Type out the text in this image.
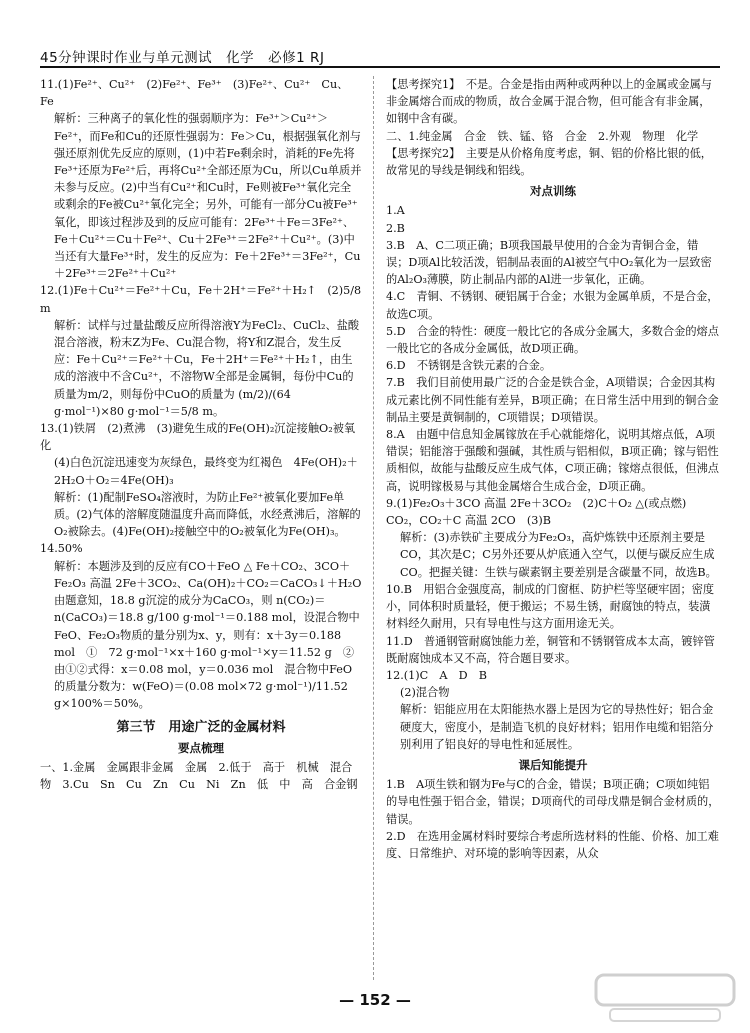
45分钟课时作业与单元测试　化学　必修1 RJ

11.(1)Fe²⁺、Cu²⁺　(2)Fe²⁺、Fe³⁺　(3)Fe²⁺、Cu²⁺　Cu、Fe

解析：三种离子的氧化性的强弱顺序为：Fe³⁺＞Cu²⁺＞Fe²⁺，而Fe和Cu的还原性强弱为：Fe＞Cu，根据强氧化剂与强还原剂优先反应的原则，(1)中若Fe剩余时，消耗的Fe先将Fe³⁺还原为Fe²⁺后，再将Cu²⁺全部还原为Cu，所以Cu单质并未参与反应。(2)中当有Cu²⁺和Cu时，Fe则被Fe³⁺氧化完全或剩余的Fe被Cu²⁺氧化完全；另外，可能有一部分Cu被Fe³⁺氧化，即该过程涉及到的反应可能有：2Fe³⁺＋Fe＝3Fe²⁺、Fe＋Cu²⁺＝Cu＋Fe²⁺、Cu＋2Fe³⁺＝2Fe²⁺＋Cu²⁺。(3)中当还有大量Fe³⁺时，发生的反应为：Fe＋2Fe³⁺＝3Fe²⁺，Cu＋2Fe³⁺＝2Fe²⁺＋Cu²⁺

12.(1)Fe＋Cu²⁺＝Fe²⁺＋Cu，Fe＋2H⁺＝Fe²⁺＋H₂↑　(2)5/8 m

解析：试样与过量盐酸反应所得溶液Y为FeCl₂、CuCl₂、盐酸混合溶液，粉末Z为Fe、Cu混合物，将Y和Z混合，发生反应：Fe＋Cu²⁺＝Fe²⁺＋Cu，Fe＋2H⁺＝Fe²⁺＋H₂↑，由生成的溶液中不含Cu²⁺，不溶物W全部是金属铜，每份中Cu的质量为m/2，则每份中CuO的质量为 (m/2)/(64 g·mol⁻¹)×80 g·mol⁻¹＝5/8 m。

13.(1)铁屑　(2)煮沸　(3)避免生成的Fe(OH)₂沉淀接触O₂被氧化

(4)白色沉淀迅速变为灰绿色，最终变为红褐色　4Fe(OH)₂＋2H₂O＋O₂＝4Fe(OH)₃

解析：(1)配制FeSO₄溶液时，为防止Fe²⁺被氧化要加Fe单质。(2)气体的溶解度随温度升高而降低，水经煮沸后，溶解的O₂被除去。(4)Fe(OH)₂接触空中的O₂被氧化为Fe(OH)₃。

14.50%

解析：本题涉及到的反应有CO＋FeO △ Fe＋CO₂、3CO＋Fe₂O₃ 高温 2Fe＋3CO₂、Ca(OH)₂＋CO₂＝CaCO₃↓＋H₂O 由题意知，18.8 g沉淀的成分为CaCO₃，则 n(CO₂)＝n(CaCO₃)＝18.8 g/100 g·mol⁻¹＝0.188 mol，设混合物中FeO、Fe₂O₃物质的量分别为x、y，则有：x＋3y＝0.188 mol　①　72 g·mol⁻¹×x＋160 g·mol⁻¹×y＝11.52 g　②　由①②式得：x＝0.08 mol，y＝0.036 mol　混合物中FeO的质量分数为：w(FeO)＝(0.08 mol×72 g·mol⁻¹)/11.52 g×100%＝50%。

第三节　用途广泛的金属材料
要点梳理

一、1.金属　金属跟非金属　金属　2.低于　高于　机械　混合物　3.Cu　Sn　Cu　Zn　Cu　Ni　Zn　低　中　高　合金钢

【思考探究1】　不是。合金是指由两种或两种以上的金属或金属与非金属熔合而成的物质，故合金属于混合物，但可能含有非金属，如钢中含有碳。

二、1.纯金属　合金　铁、锰、铬　合金　2.外观　物理　化学

【思考探究2】　主要是从价格角度考虑，铜、铝的价格比银的低，故常见的导线是铜线和铝线。

对点训练

1.A

2.B

3.B　A、C二项正确；B项我国最早使用的合金为青铜合金，错误；D项Al比较活泼，铝制品表面的Al被空气中O₂氧化为一层致密的Al₂O₃薄膜，防止制品内部的Al进一步氧化，正确。

4.C　青铜、不锈钢、硬铝属于合金；水银为金属单质，不是合金，故选C项。

5.D　合金的特性：硬度一般比它的各成分金属大，多数合金的熔点一般比它的各成分金属低，故D项正确。

6.D　不锈钢是含铁元素的合金。

7.B　我们目前使用最广泛的合金是铁合金，A项错误；合金因其构成元素比例不同性能有差异，B项正确；在日常生活中用到的铜合金制品主要是黄铜制的，C项错误；D项错误。

8.A　由题中信息知金属镓放在手心就能熔化，说明其熔点低，A项错误；铝能溶于强酸和强碱，其性质与铝相似，B项正确；镓与铝性质相似，故能与盐酸反应生成气体，C项正确；镓熔点很低，但沸点高，说明镓极易与其他金属熔合生成合金，D项正确。

9.(1)Fe₂O₃＋3CO 高温 2Fe＋3CO₂　(2)C＋O₂ △(或点燃) CO₂，CO₂＋C 高温 2CO　(3)B

解析：(3)赤铁矿主要成分为Fe₂O₃，高炉炼铁中还原剂主要是CO，其次是C；C另外还要从炉底通入空气，以便与碳反应生成CO。把握关键：生铁与碳素钢主要差别是含碳量不同，故选B。

10.B　用铝合金强度高，制成的门窗框、防护栏等坚硬牢固；密度小，同体积时质量轻，便于搬运；不易生锈，耐腐蚀的特点，装潢材料经久耐用，只有导电性与这方面用途无关。

11.D　普通钢管耐腐蚀能力差，铜管和不锈钢管成本太高，镀锌管既耐腐蚀成本又不高，符合题目要求。

12.(1)C　A　D　B

(2)混合物

解析：铝能应用在太阳能热水器上是因为它的导热性好；铝合金硬度大，密度小，是制造飞机的良好材料；铝用作电缆和铝箔分别利用了铝良好的导电性和延展性。

课后知能提升

1.B　A项生铁和钢为Fe与C的合金，错误；B项正确；C项如纯铝的导电性强于铝合金，错误；D项商代的司母戊鼎是铜合金材质的，错误。

2.D　在选用金属材料时要综合考虑所选材料的性能、价格、加工难度、日常维护、对环境的影响等因素，从众

— 152 —
